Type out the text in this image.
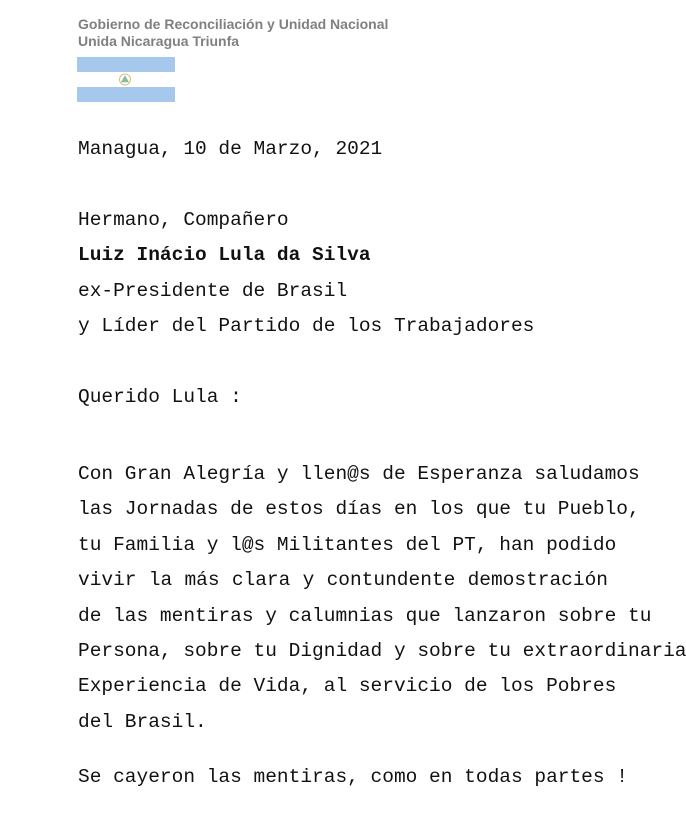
Gobierno de Reconciliación y Unidad Nacional
Unida Nicaragua Triunfa
Managua, 10 de Marzo, 2021
Hermano, Compañero
Luiz Inácio Lula da Silva
ex-Presidente de Brasil
y Líder del Partido de los Trabajadores
Querido Lula :
Con Gran Alegría y llen@s de Esperanza saludamos
las Jornadas de estos días en los que tu Pueblo,
tu Familia y l@s Militantes del PT, han podido
vivir la más clara y contundente demostración
de las mentiras y calumnias que lanzaron sobre tu
Persona, sobre tu Dignidad y sobre tu extraordinaria
Experiencia de Vida, al servicio de los Pobres
del Brasil.
Se cayeron las mentiras, como en todas partes !
